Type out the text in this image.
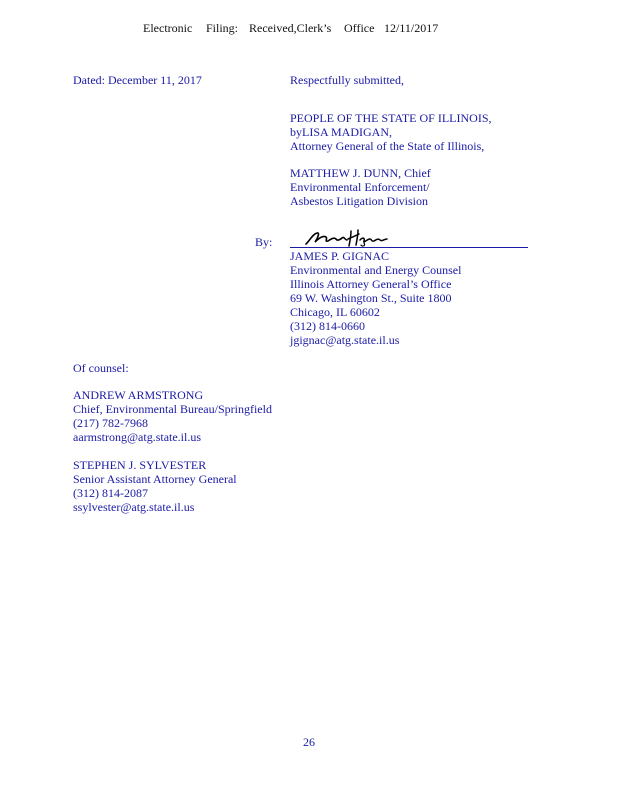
Electronic Filing: Received,Clerk’s Office 12/11/2017
Dated: December 11, 2017	Respectfully submitted,
PEOPLE OF THE STATE OF ILLINOIS,
byLISA MADIGAN,
Attorney General of the State of Illinois,
MATTHEW J. DUNN, Chief
Environmental Enforcement/
Asbestos Litigation Division
By:
JAMES P. GIGNAC
Environmental and Energy Counsel
Illinois Attorney General’s Office
69 W. Washington St., Suite 1800
Chicago, IL 60602
(312) 814-0660
jgignac@atg.state.il.us
Of counsel:
ANDREW ARMSTRONG
Chief, Environmental Bureau/Springfield
(217) 782-7968
aarmstrong@atg.state.il.us
STEPHEN J. SYLVESTER
Senior Assistant Attorney General
(312) 814-2087
ssylvester@atg.state.il.us
26
